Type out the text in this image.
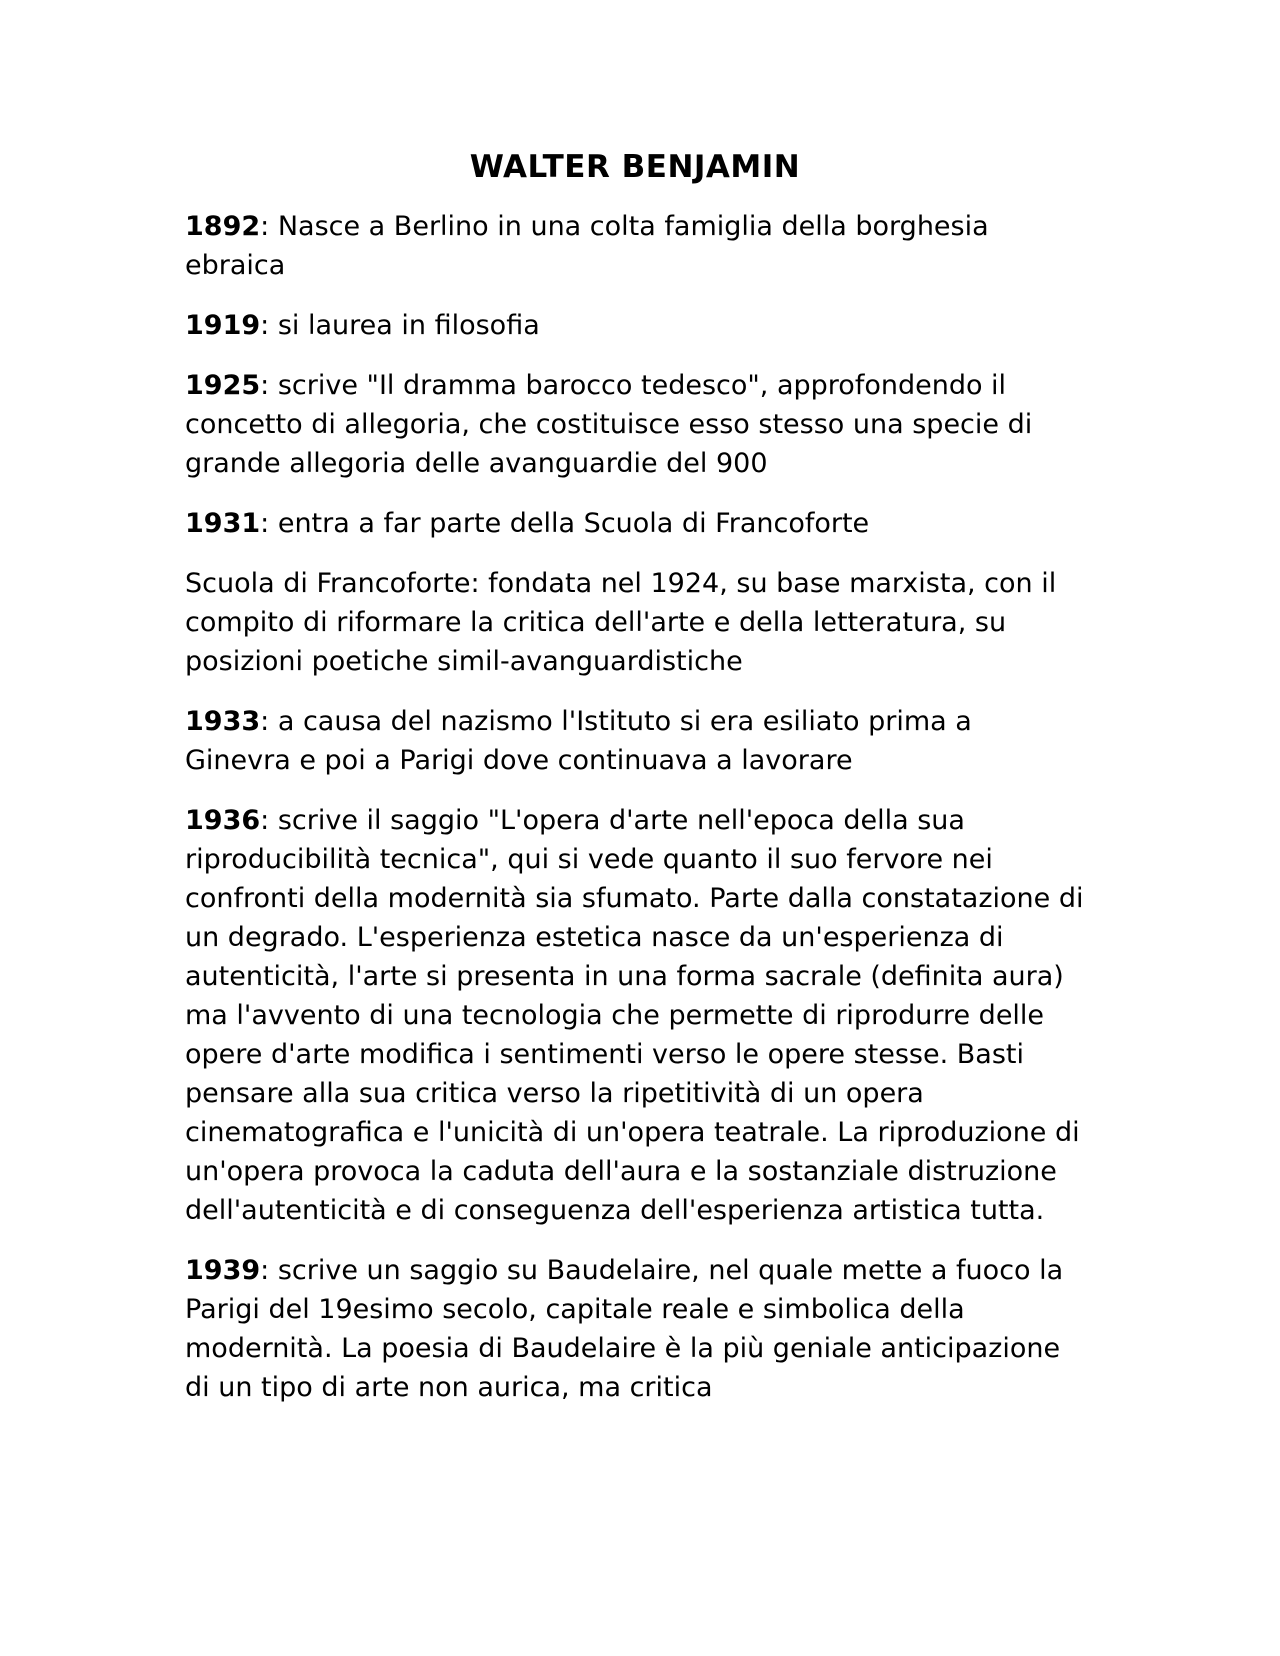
WALTER BENJAMIN

1892: Nasce a Berlino in una colta famiglia della borghesia ebraica

1919: si laurea in filosofia

1925: scrive "Il dramma barocco tedesco", approfondendo il concetto di allegoria, che costituisce esso stesso una specie di grande allegoria delle avanguardie del 900

1931: entra a far parte della Scuola di Francoforte

Scuola di Francoforte: fondata nel 1924, su base marxista, con il compito di riformare la critica dell'arte e della letteratura, su posizioni poetiche simil-avanguardistiche

1933: a causa del nazismo l'Istituto si era esiliato prima a Ginevra e poi a Parigi dove continuava a lavorare

1936: scrive il saggio "L'opera d'arte nell'epoca della sua riproducibilità tecnica", qui si vede quanto il suo fervore nei confronti della modernità sia sfumato. Parte dalla constatazione di un degrado. L'esperienza estetica nasce da un'esperienza di autenticità, l'arte si presenta in una forma sacrale (definita aura) ma l'avvento di una tecnologia che permette di riprodurre delle opere d'arte modifica i sentimenti verso le opere stesse. Basti pensare alla sua critica verso la ripetitività di un opera cinematografica e l'unicità di un'opera teatrale. La riproduzione di un'opera provoca la caduta dell'aura e la sostanziale distruzione dell'autenticità e di conseguenza dell'esperienza artistica tutta.

1939: scrive un saggio su Baudelaire, nel quale mette a fuoco la Parigi del 19esimo secolo, capitale reale e simbolica della modernità. La poesia di Baudelaire è la più geniale anticipazione di un tipo di arte non aurica, ma critica
